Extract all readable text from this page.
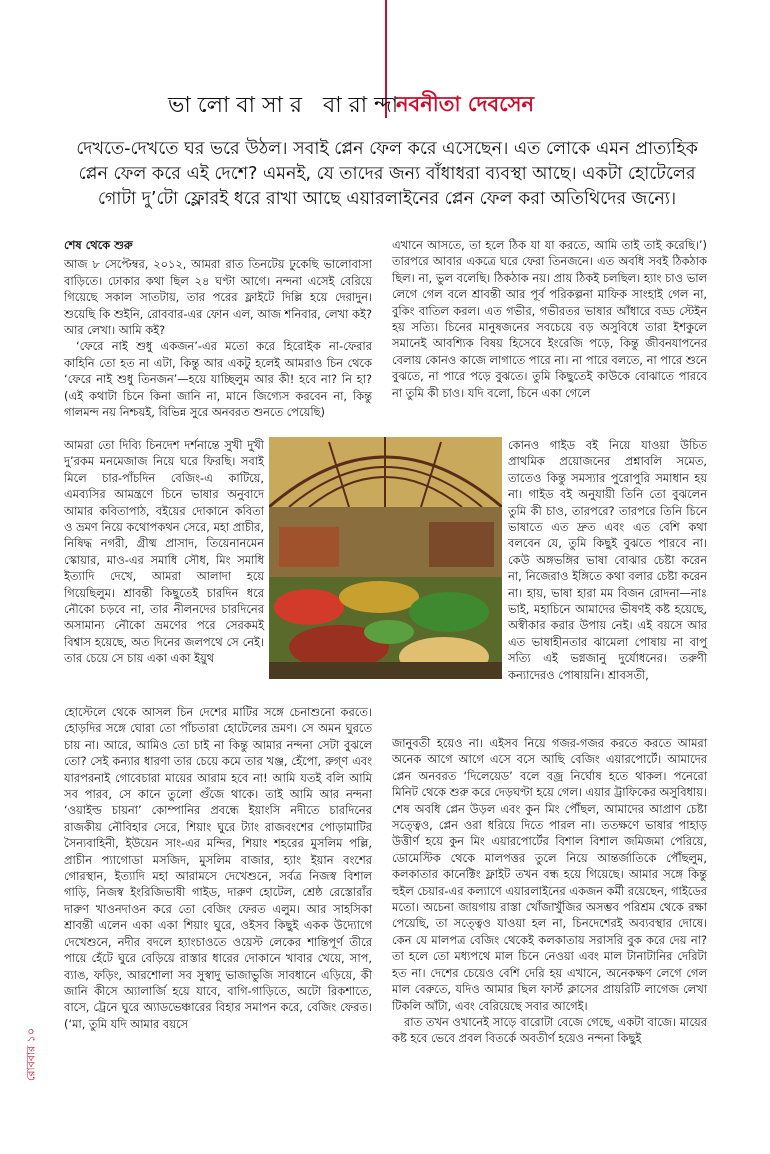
ভালোবাসার বারান্দা
নবনীতা দেবসেন
দেখতে-দেখতে ঘর ভরে উঠল। সবাই প্লেন ফেল করে এসেছেন। এত লোকে এমন প্রাত্যহিক প্লেন ফেল করে এই দেশে? এমনই, যে তাদের জন্য বাঁধাধরা ব্যবস্থা আছে। একটা হোটেলের গোটা দু’টো ফ্লোরই ধরে রাখা আছে এয়ারলাইনের প্লেন ফেল করা অতিথিদের জন্যে।
শেষ থেকে শুরু

আজ ৮ সেপ্টেম্বর, ২০১২, আমরা রাত তিনটেয় ঢুকেছি ভালোবাসা বাড়িতে। ঢোকার কথা ছিল ২৪ ঘণ্টা আগে। নন্দনা এসেই বেরিয়ে গিয়েছে সকাল সাতটায়, তার পরের ফ্লাইটে দিল্লি হয়ে দেরাদুন। শুয়েছি কি শুইনি, রোববার-এর ফোন এল, আজ শনিবার, লেখা কই? আর লেখা। আমি কই?

‘ফেরে নাই শুধু একজন’-এর মতো করে হিরোইক না-ফেরার কাহিনি তো হত না এটা, কিন্তু আর একটু হলেই আমরাও চিন থেকে ‘ফেরে নাই শুধু তিনজন’—হয়ে যাচ্ছিলুম আর কী! হবে না? নি হা? (এই কথাটা চিনে কিনা জানি না, মানে জিগ্যেস করবেন না, কিন্তু গালমন্দ নয় নিশ্চয়ই, বিভিন্ন সুরে অনবরত শুনতে পেয়েছি)

আমরা তো দিব্যি চিনদেশ দর্শনান্তে সুখী দুখী দু’রকম মনমেজাজ নিয়ে ঘরে ফিরছি। সবাই মিলে চার-পাঁচদিন বেজিং-এ কাটিয়ে, এমব্যসির আমন্ত্রণে চিনে ভাষার অনুবাদে আমার কবিতাপাঠ, বইয়ের দোকানে কবিতা ও ভ্রমণ নিয়ে কথোপকথন সেরে, মহা প্রাচীর, নিষিদ্ধ নগরী, গ্রীষ্ম প্রাসাদ, তিয়েনানমেন স্কোয়ার, মাও-এর সমাধি সৌধ, মিং সমাধি ইত্যাদি দেখে, আমরা আলাদা হয়ে গিয়েছিলুম। শ্রাবন্তী কিছুতেই চারদিন ধরে নৌকো চড়বে না, তার নীলনদের চারদিনের অসামান্য নৌকো ভ্রমণের পরে সেরকমই বিশ্বাস হয়েছে, অত দিনের জলপথে সে নেই। তার চেয়ে সে চায় একা একা ইয়ুথ

হোস্টেলে থেকে আসল চিন দেশের মাটির সঙ্গে চেনাশুনো করতে। হোড়দির সঙ্গে ঘোরা তো পাঁচতারা হোটেলের ভ্রমণ। সে অমন ঘুরতে চায় না। আরে, আমিও তো চাই না কিন্তু আমার নন্দনা সেটা বুঝলে তো? সেই কন্যার ধারণা তার চেয়ে কমে তার খঞ্জ, হেঁপো, রুগ্‌ণ এবং যারপরনাই গোবেচারা মায়ের আরাম হবে না! আমি যতই বলি আমি সব পারব, সে কানে তুলো গুঁজে থাকে। তাই আমি আর নন্দনা ‘ওয়াইল্ড চায়না’ কোম্পানির প্রবন্ধে ইয়াংসি নদীতে চারদিনের রাজকীয় নৌবিহার সেরে, শিয়াং ঘুরে ট্যাং রাজবংশের পোড়ামাটির সৈন্যবাহিনী, ইউয়েন সাং-এর মন্দির, শিয়াং শহরের মুসলিম পল্লি, প্রাচীন প্যাগোডা মসজিদ, মুসলিম বাজার, হ্যাং ইয়ান বংশের গোরস্থান, ইত্যাদি মহা আরামসে দেখেশুনে, সর্বত্র নিজস্ব বিশাল গাড়ি, নিজস্ব ইংরিজিভাষী গাইড, দারুণ হোটেল, শ্রেষ্ঠ রেস্তোরাঁর দারুণ খাওনদাওন করে তো বেজিং ফেরত এলুম। আর সাহসিকা শ্রাবন্তী এলেন একা একা শিয়াং ঘুরে, ওইসব কিছুই একক উদ্যোগে দেখেশুনে, নদীর বদলে হ্যাংচাওতে ওয়েস্ট লেকের শান্তিপূর্ণ তীরে পায়ে হেঁটে ঘুরে বেড়িয়ে রাস্তার ধারের দোকানে খাবার খেয়ে, সাপ, ব্যাঙ, ফড়িং, আরশোলা সব সুস্বাদু ভাজাভুজি সাবধানে এড়িয়ে, কী জানি কীসে অ্যালার্জি হয়ে যাবে, বাগি-গাড়িতে, অটো রিকশাতে, বাসে, ট্রেনে ঘুরে অ্যাডভেঞ্চারের বিহার সমাপন করে, বেজিং ফেরত। (‘মা, তুমি যদি আমার বয়সে

এখানে আসতে, তা হলে ঠিক যা যা করতে, আমি তাই তাই করেছি।’) তারপরে আবার একত্রে ঘরে ফেরা তিনজনে। এত অবধি সবই ঠিকঠাক ছিল। না, ভুল বলেছি। ঠিকঠাক নয়। প্রায় ঠিকই চলছিল। হ্যাং চাও ভাল লেগে গেল বলে শ্রাবন্তী আর পূর্ব পরিকল্পনা মাফিক সাংহাই গেল না, বুকিং বাতিল করল। এত গভীর, গভীরতর ভাষার আঁধারে বড্ড স্টেইন হয় সত্যি। চিনের মানুষজনের সবচেয়ে বড় অসুবিধে তারা ইশকুলে সমানেই আবশ্যিক বিষয় হিসেবে ইংরেজি পড়ে, কিন্তু জীবনযাপনের বেলায় কোনও কাজে লাগাতে পারে না। না পারে বলতে, না পারে শুনে বুঝতে, না পারে পড়ে বুঝতে। তুমি কিছুতেই কাউকে বোঝাতে পারবে না তুমি কী চাও। যদি বলো, চিনে একা গেলে

কোনও গাইড বই নিয়ে যাওয়া উচিত প্রাথমিক প্রয়োজনের প্রশ্নাবলি সমেত, তাতেও কিন্তু সমস্যার পুরোপুরি সমাধান হয় না। গাইড বই অনুযায়ী তিনি তো বুঝলেন তুমি কী চাও, তারপরে? তারপরে তিনি চিনে ভাষাতে এত দ্রুত এবং এত বেশি কথা বলবেন যে, তুমি কিছুই বুঝতে পারবে না। কেউ অঙ্গভঙ্গির ভাষা বোঝার চেষ্টা করেন না, নিজেরাও ইঙ্গিতে কথা বলার চেষ্টা করেন না। হায়, ভাষা হারা মম বিজন রোদনা—নাঃ ভাই, মহাচিনে আমাদের ভীষণই কষ্ট হয়েছে, অস্বীকার করার উপায় নেই। এই বয়সে আর এত ভাষাহীনতার ঝামেলা পোষায় না বাপু সত্যি এই ভগ্নজানু দুর্যোধনের। তরুণী কন্যাদেরও পোষায়নি। শ্রাবসতী,

জানুবতী হয়েও না। এইসব নিয়ে গজর-গজর করতে করতে আমরা অনেক আগে আগে এসে বসে আছি বেজিং এয়ারপোর্টে। আমাদের প্লেন অনবরত ‘দিলেয়েড’ বলে বজ্র নির্ঘোষ হতে থাকল। পনেরো মিনিট থেকে শুরু করে দেড়ঘণ্টা হয়ে গেল। এয়ার ট্রাফিকের অসুবিধায়। শেষ অবধি প্লেন উড়ল এবং কুন মিং পৌঁছল, আমাদের আপ্রাণ চেষ্টা সত্ত্বেও, প্লেন ওরা ধরিয়ে দিতে পারল না। ততক্ষণে ভাষার পাহাড় উত্তীর্ণ হয়ে কুন মিং এয়ারপোর্টের বিশাল বিশাল জমিজমা পেরিয়ে, ডোমেস্টিক থেকে মালপত্তর তুলে নিয়ে আন্তর্জাতিকে পৌঁছলুম, কলকাতার কানেক্টিং ফ্লাইট তখন বন্ধ হয়ে গিয়েছে। আমার সঙ্গে কিন্তু হুইল চেয়ার-এর কল্যাণে এয়ারলাইনের একজন কর্মী রয়েছেন, গাইডের মতো। অচেনা জায়গায় রাস্তা খোঁজাখুঁজির অসম্ভব পরিশ্রম থেকে রক্ষা পেয়েছি, তা সত্ত্বেও যাওয়া হল না, চিনদেশেরই অব্যবস্থার দোষে। কেন যে মালপত্র বেজিং থেকেই কলকাতায় সরাসরি বুক করে দেয় না? তা হলে তো মধ্যপথে মাল চিনে নেওয়া এবং মাল টানাটানির দেরিটা হত না। দেশের চেয়েও বেশি দেরি হয় এখানে, অনেকক্ষণ লেগে গেল মাল বেরুতে, যদিও আমার ছিল ফার্স্ট ক্লাসের প্রায়রিটি লাগেজ লেখা টিকলি আঁটা, এবং বেরিয়েছে সবার আগেই।

রাত তখন ওখানেই সাড়ে বারোটা বেজে গেছে, একটা বাজে। মায়ের কষ্ট হবে ভেবে প্রবল বিতর্কে অবতীর্ণ হয়েও নন্দনা কিছুই

রোববার ১০
